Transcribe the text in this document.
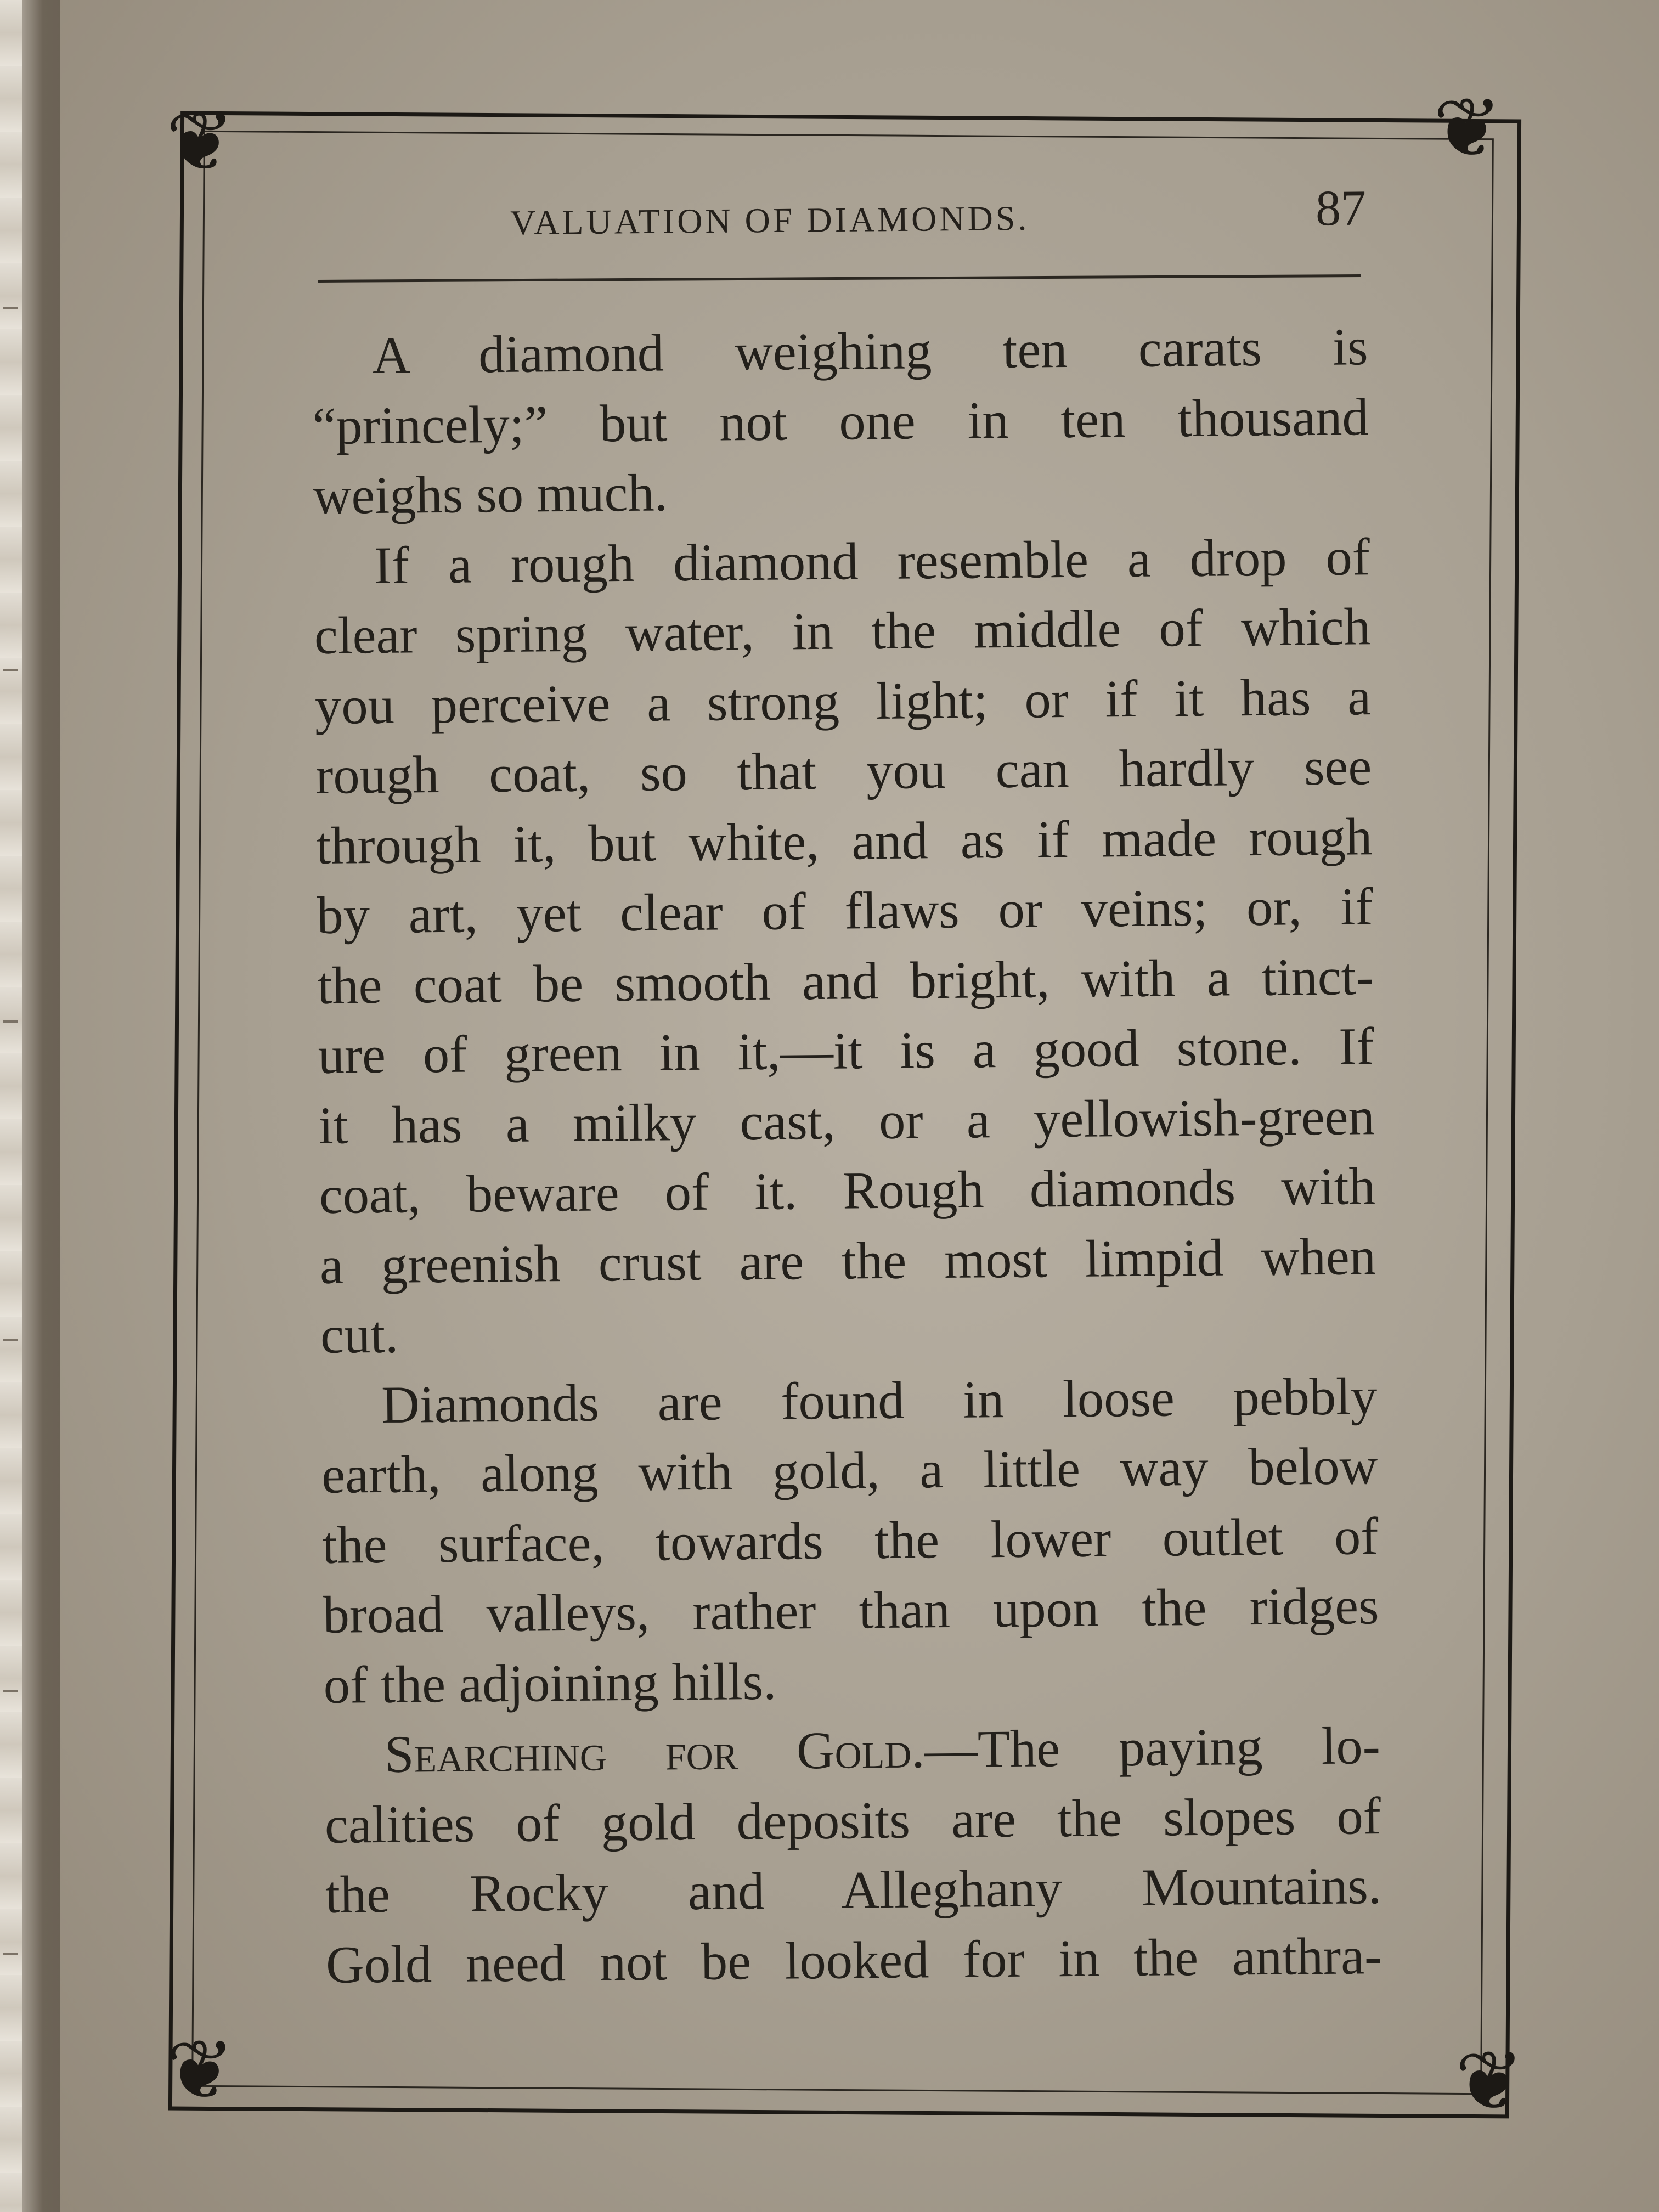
❦	❦
❦	❦
VALUATION OF DIAMONDS.	87
A diamond weighing ten carats is
“princely;” but not one in ten thousand
weighs so much.
If a rough diamond resemble a drop of
clear spring water, in the middle of which
you perceive a strong light; or if it has a
rough coat, so that you can hardly see
through it, but white, and as if made rough
by art, yet clear of flaws or veins; or, if
the coat be smooth and bright, with a tinct-
ure of green in it,—it is a good stone. If
it has a milky cast, or a yellowish-green
coat, beware of it. Rough diamonds with
a greenish crust are the most limpid when
cut.
Diamonds are found in loose pebbly
earth, along with gold, a little way below
the surface, towards the lower outlet of
broad valleys, rather than upon the ridges
of the adjoining hills.
Searching for Gold.—The paying lo-
calities of gold deposits are the slopes of
the Rocky and Alleghany Mountains.
Gold need not be looked for in the anthra-
